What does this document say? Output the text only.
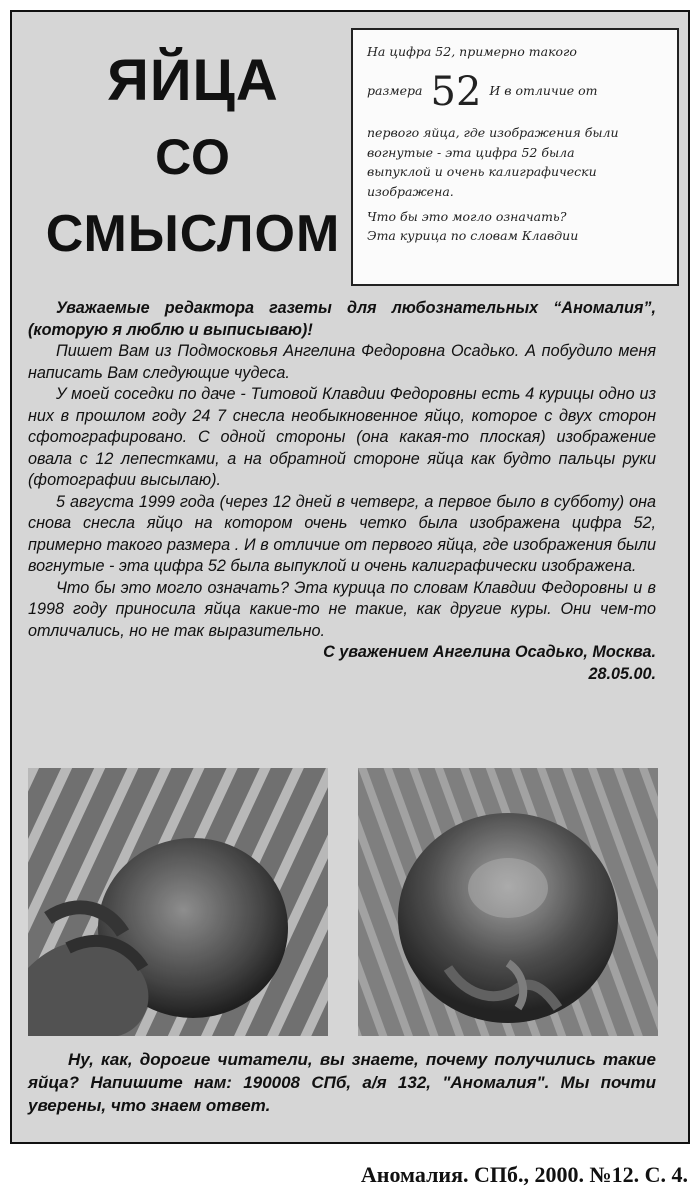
ЯЙЦА
СО
СМЫСЛОМ

На цифра 52, примерно такого

размера 52 И в отличие от

первого яйца, где изображения были

вогнутые - эта цифра 52 была

выпуклой и очень калиграфически

изображена.

Что бы это могло означать?

Эта курица по словам Клавдии

Уважаемые редактора газеты для любознательных “Аномалия”, (которую я люблю и выписываю)!

Пишет Вам из Подмосковья Ангелина Федоровна Осадько. А побудило меня написать Вам следующие чудеса.

У моей соседки по даче - Титовой Клавдии Федоровны есть 4 курицы одно из них в прошлом году 24 7 снесла необыкновенное яйцо, которое с двух сторон сфотографировано. С одной стороны (она какая-то плоская) изображение овала с 12 лепестками, а на обратной стороне яйца как будто пальцы руки (фотографии высылаю).

5 августа 1999 года (через 12 дней в четверг, а первое было в субботу) она снова снесла яйцо на котором очень четко была изображена цифра 52, примерно такого размера . И в отличие от первого яйца, где изображения были вогнутые - эта цифра 52 была выпуклой и очень калиграфически изображена.

Что бы это могло означать? Эта курица по словам Клавдии Федоровны и в 1998 году приносила яйца какие-то не такие, как другие куры. Они чем-то отличались, но не так выразительно.

С уважением Ангелина Осадько, Москва.

28.05.00.

Ну, как, дорогие читатели, вы знаете, почему получились такие яйца? Напишите нам: 190008 СПб, а/я 132, "Аномалия". Мы почти уверены, что знаем ответ.
Аномалия. СПб., 2000. №12. С. 4.
